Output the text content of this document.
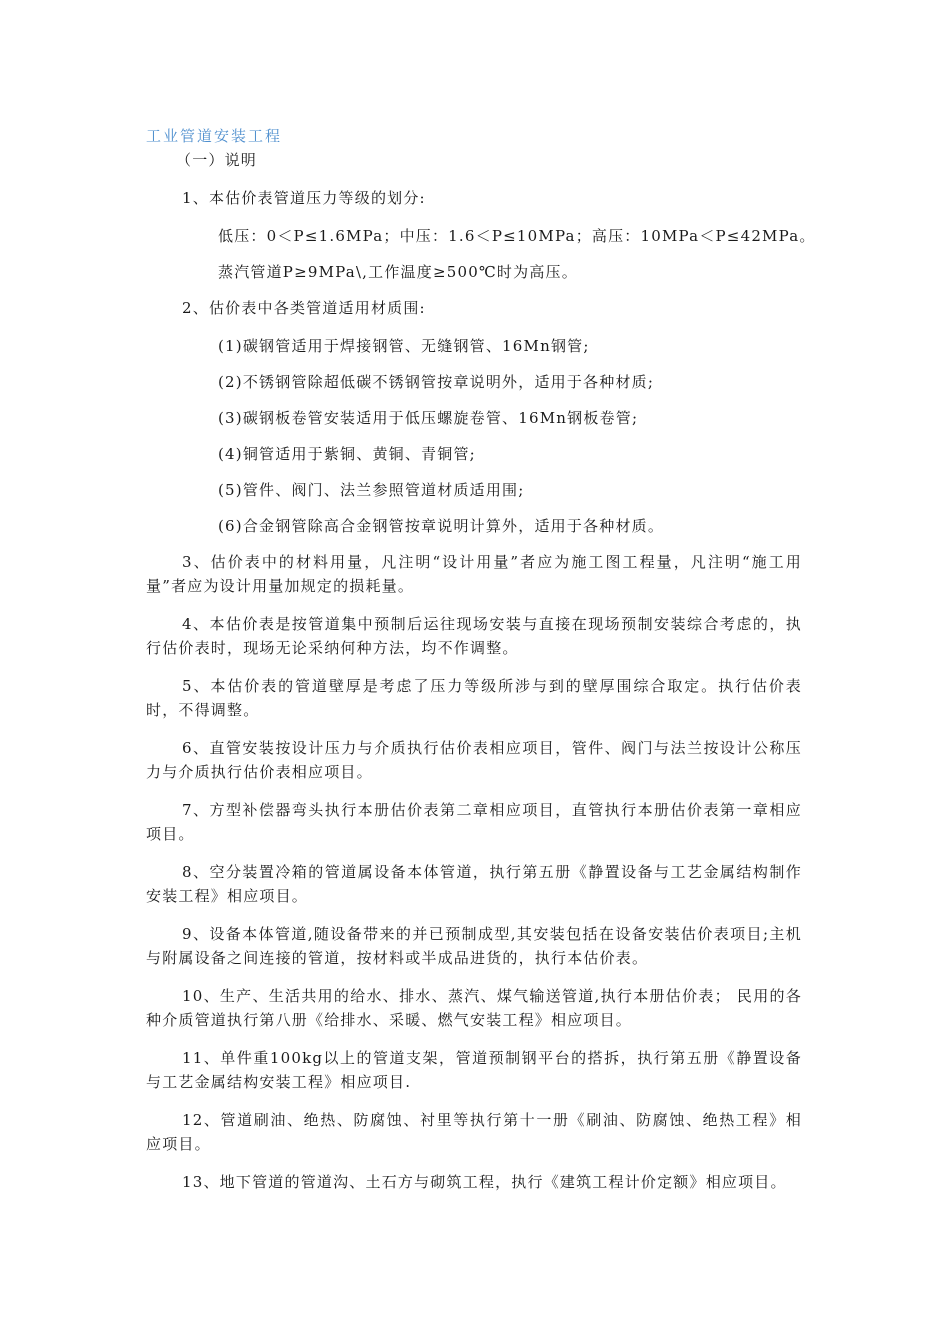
工业管道安装工程

（一）说明

1、本估价表管道压力等级的划分:

低压：0＜P≤1.6MPa；中压：1.6＜P≤10MPa；高压：10MPa＜P≤42MPa。

蒸汽管道P≥9MPa\,工作温度≥500℃时为高压。

2、估价表中各类管道适用材质围:

(1)碳钢管适用于焊接钢管、无缝钢管、16Mn钢管;

(2)不锈钢管除超低碳不锈钢管按章说明外，适用于各种材质;

(3)碳钢板卷管安装适用于低压螺旋卷管、16Mn钢板卷管;

(4)铜管适用于紫铜、黄铜、青铜管;

(5)管件、阀门、法兰参照管道材质适用围;

(6)合金钢管除高合金钢管按章说明计算外，适用于各种材质。

3、估价表中的材料用量，凡注明“设计用量”者应为施工图工程量，凡注明“施工用量”者应为设计用量加规定的损耗量。

4、本估价表是按管道集中预制后运往现场安装与直接在现场预制安装综合考虑的，执行估价表时，现场无论采纳何种方法，均不作调整。

5、本估价表的管道壁厚是考虑了压力等级所涉与到的壁厚围综合取定。执行估价表时，不得调整。

6、直管安装按设计压力与介质执行估价表相应项目，管件、阀门与法兰按设计公称压力与介质执行估价表相应项目。

7、方型补偿器弯头执行本册估价表第二章相应项目，直管执行本册估价表第一章相应项目。

8、空分装置冷箱的管道属设备本体管道，执行第五册《静置设备与工艺金属结构制作安装工程》相应项目。

9、设备本体管道,随设备带来的并已预制成型,其安装包括在设备安装估价表项目;主机与附属设备之间连接的管道，按材料或半成品进货的，执行本估价表。

10、生产、生活共用的给水、排水、蒸汽、煤气输送管道,执行本册估价表； 民用的各种介质管道执行第八册《给排水、采暖、燃气安装工程》相应项目。

11、单件重100kg以上的管道支架，管道预制钢平台的搭拆，执行第五册《静置设备与工艺金属结构安装工程》相应项目.

12、管道刷油、绝热、防腐蚀、衬里等执行第十一册《刷油、防腐蚀、绝热工程》相应项目。

13、地下管道的管道沟、土石方与砌筑工程，执行《建筑工程计价定额》相应项目。
